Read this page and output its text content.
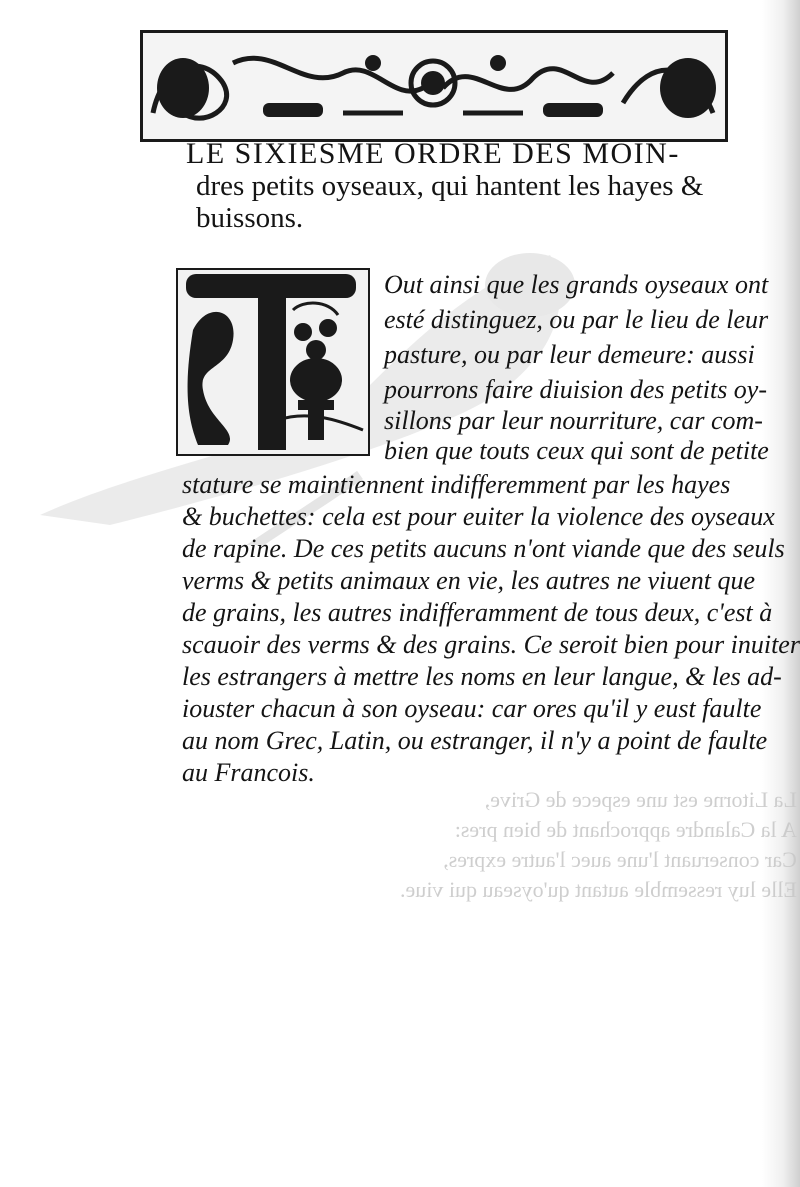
La Litorne est une espece de Grive,
A la Calandre approchant de bien pres:
Car conseruant l'une auec l'autre expres,
Elle luy ressemble autant qu'oyseau qui viue.
LE SIXIESME ORDRE DES MOIN-
dres petits oyseaux, qui hantent les hayes &
buissons.
Out ainsi que les grands oyseaux ont
esté distinguez, ou par le lieu de leur
pasture, ou par leur demeure: aussi
pourrons faire diuision des petits oy-
sillons par leur nourriture, car com-
bien que touts ceux qui sont de petite
stature se maintiennent indifferemment par les hayes
& buchettes: cela est pour euiter la violence des oyseaux
de rapine. De ces petits aucuns n'ont viande que des seuls
verms & petits animaux en vie, les autres ne viuent que
de grains, les autres indifferamment de tous deux, c'est à
scauoir des verms & des grains. Ce seroit bien pour inuiter
les estrangers à mettre les noms en leur langue, & les ad-
iouster chacun à son oyseau: car ores qu'il y eust faulte
au nom Grec, Latin, ou estranger, il n'y a point de faulte
au Francois.
